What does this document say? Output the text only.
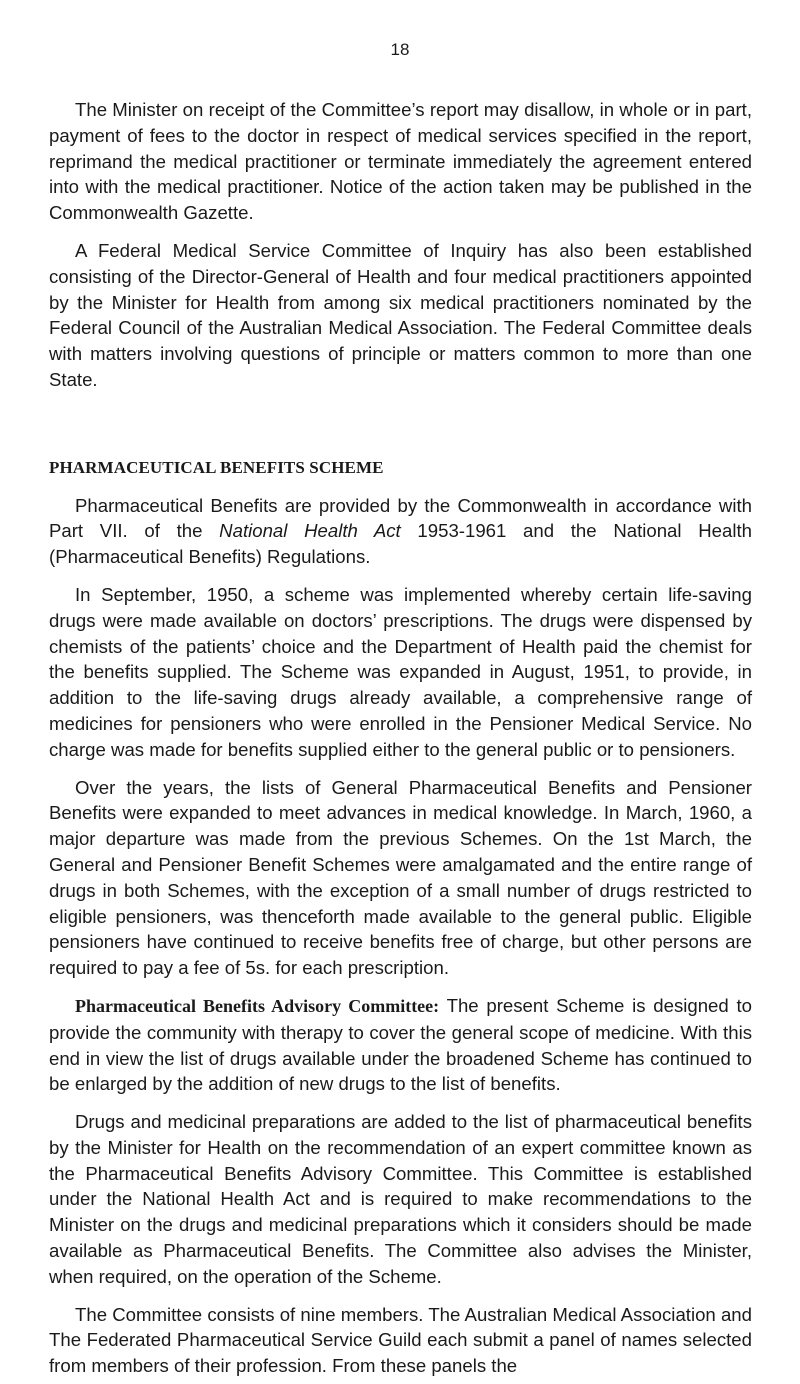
18

The Minister on receipt of the Committee’s report may disallow, in whole or in part, payment of fees to the doctor in respect of medical services specified in the report, reprimand the medical practitioner or terminate immediately the agreement entered into with the medical practitioner. Notice of the action taken may be published in the Commonwealth Gazette.

A Federal Medical Service Committee of Inquiry has also been established consisting of the Director-General of Health and four medical practitioners appointed by the Minister for Health from among six medical practitioners nominated by the Federal Council of the Australian Medical Association. The Federal Committee deals with matters involving questions of principle or matters common to more than one State.

PHARMACEUTICAL BENEFITS SCHEME

Pharmaceutical Benefits are provided by the Commonwealth in accordance with Part VII. of the National Health Act 1953-1961 and the National Health (Pharmaceutical Benefits) Regulations.

In September, 1950, a scheme was implemented whereby certain life-saving drugs were made available on doctors’ prescriptions. The drugs were dispensed by chemists of the patients’ choice and the Department of Health paid the chemist for the benefits supplied. The Scheme was expanded in August, 1951, to provide, in addition to the life-saving drugs already available, a comprehensive range of medicines for pensioners who were enrolled in the Pensioner Medical Service. No charge was made for benefits supplied either to the general public or to pensioners.

Over the years, the lists of General Pharmaceutical Benefits and Pensioner Benefits were expanded to meet advances in medical knowledge. In March, 1960, a major departure was made from the previous Schemes. On the 1st March, the General and Pensioner Benefit Schemes were amalgamated and the entire range of drugs in both Schemes, with the exception of a small number of drugs restricted to eligible pensioners, was thenceforth made available to the general public. Eligible pensioners have continued to receive benefits free of charge, but other persons are required to pay a fee of 5s. for each prescription.

Pharmaceutical Benefits Advisory Committee: The present Scheme is designed to provide the community with therapy to cover the general scope of medicine. With this end in view the list of drugs available under the broadened Scheme has continued to be enlarged by the addition of new drugs to the list of benefits.

Drugs and medicinal preparations are added to the list of pharmaceutical benefits by the Minister for Health on the recommendation of an expert committee known as the Pharmaceutical Benefits Advisory Committee. This Committee is established under the National Health Act and is required to make recommendations to the Minister on the drugs and medicinal preparations which it considers should be made available as Pharmaceutical Benefits. The Committee also advises the Minister, when required, on the operation of the Scheme.

The Committee consists of nine members. The Australian Medical Association and The Federated Pharmaceutical Service Guild each submit a panel of names selected from members of their profession. From these panels the
